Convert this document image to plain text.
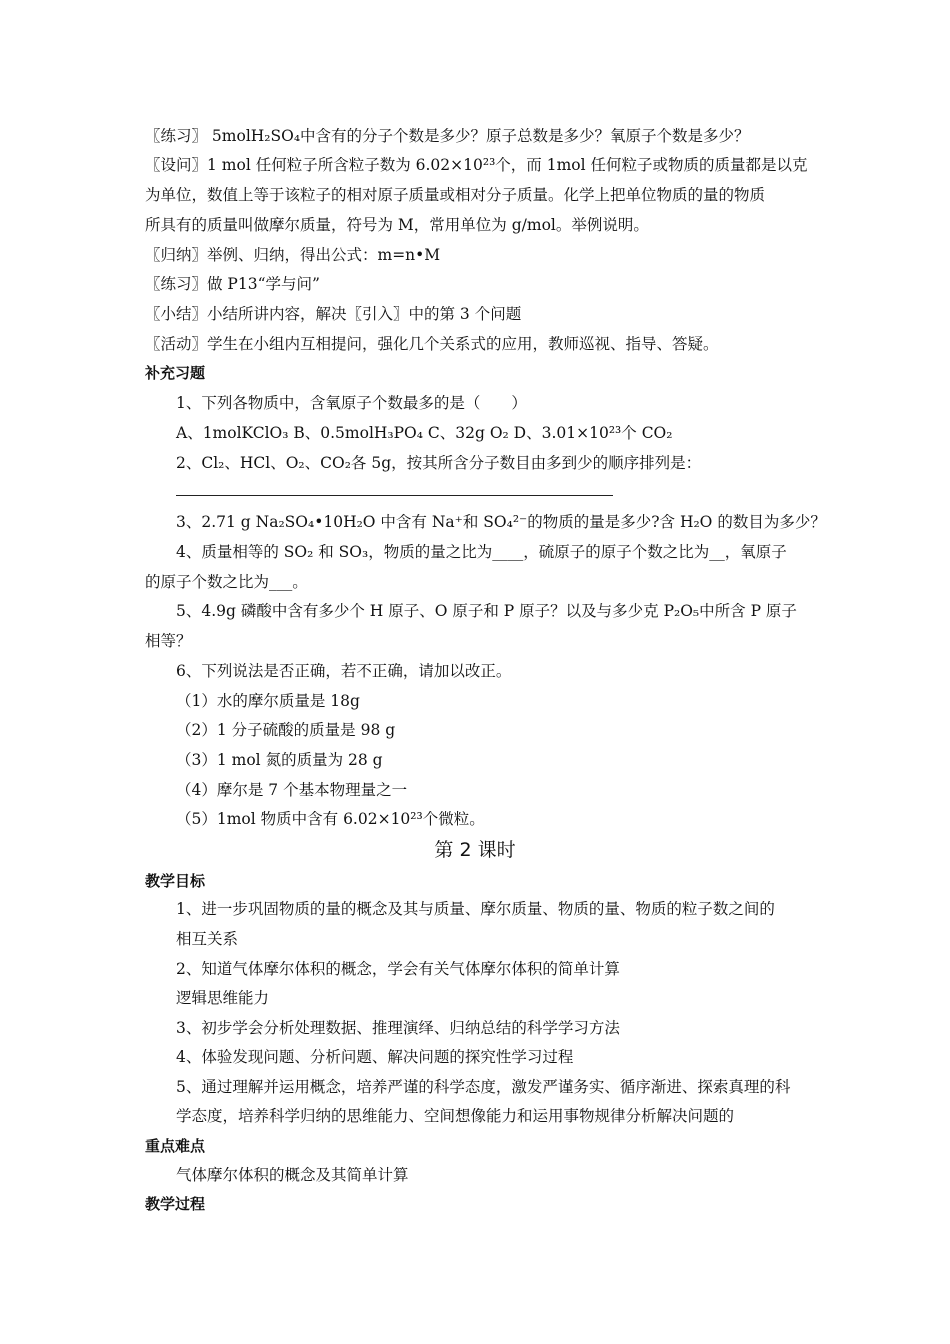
〖练习〗 5molH₂SO₄中含有的分子个数是多少？原子总数是多少？氧原子个数是多少？
〖设问〗1 mol 任何粒子所含粒子数为 6.02×10²³个，而 1mol 任何粒子或物质的质量都是以克
为单位，数值上等于该粒子的相对原子质量或相对分子质量。化学上把单位物质的量的物质
所具有的质量叫做摩尔质量，符号为 M，常用单位为 g/mol。举例说明。
〖归纳〗举例、归纳，得出公式：m=n•M
〖练习〗做 P13“学与问”
〖小结〗小结所讲内容，解决〖引入〗中的第 3 个问题
〖活动〗学生在小组内互相提问，强化几个关系式的应用，教师巡视、指导、答疑。
补充习题
1、下列各物质中，含氧原子个数最多的是（　　）
A、1molKClO₃ B、0.5molH₃PO₄ C、32g O₂ D、3.01×10²³个 CO₂
2、Cl₂、HCl、O₂、CO₂各 5g，按其所含分子数目由多到少的顺序排列是：
3、2.71 g Na₂SO₄•10H₂O 中含有 Na⁺和 SO₄²⁻的物质的量是多少?含 H₂O 的数目为多少？
4、质量相等的 SO₂ 和 SO₃，物质的量之比为____，硫原子的原子个数之比为__，氧原子
的原子个数之比为___。
5、4.9g 磷酸中含有多少个 H 原子、O 原子和 P 原子？以及与多少克 P₂O₅中所含 P 原子
相等？
6、下列说法是否正确，若不正确，请加以改正。
（1）水的摩尔质量是 18g
（2）1 分子硫酸的质量是 98 g
（3）1 mol 氮的质量为 28 g
（4）摩尔是 7 个基本物理量之一
（5）1mol 物质中含有 6.02×10²³个微粒。
第 2 课时
教学目标
1、进一步巩固物质的量的概念及其与质量、摩尔质量、物质的量、物质的粒子数之间的
相互关系
2、知道气体摩尔体积的概念，学会有关气体摩尔体积的简单计算
逻辑思维能力
3、初步学会分析处理数据、推理演绎、归纳总结的科学学习方法
4、体验发现问题、分析问题、解决问题的探究性学习过程
5、通过理解并运用概念，培养严谨的科学态度，激发严谨务实、循序渐进、探索真理的科
学态度，培养科学归纳的思维能力、空间想像能力和运用事物规律分析解决问题的
重点难点
气体摩尔体积的概念及其简单计算
教学过程
